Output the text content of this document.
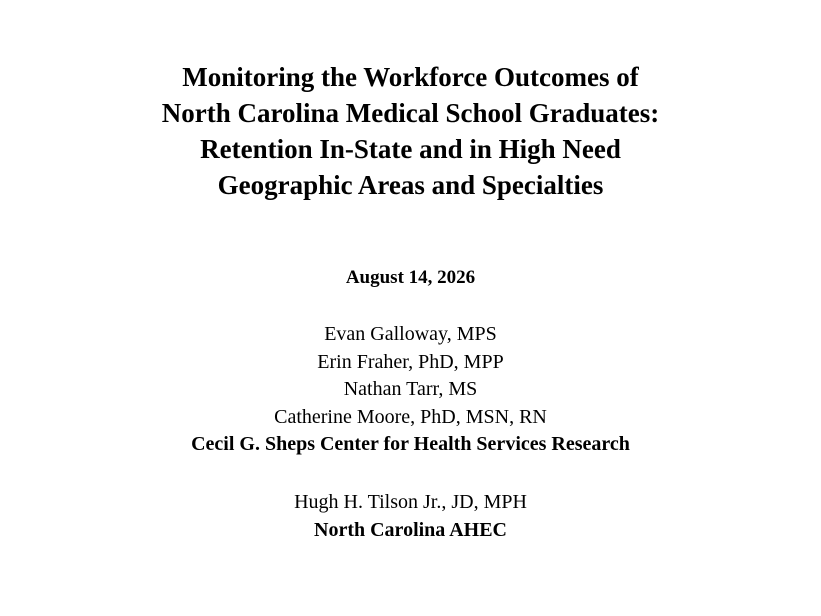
Monitoring the Workforce Outcomes of
North Carolina Medical School Graduates:
Retention In-State and in High Need
Geographic Areas and Specialties
August 14, 2026
Evan Galloway, MPS
Erin Fraher, PhD, MPP
Nathan Tarr, MS
Catherine Moore, PhD, MSN, RN
Cecil G. Sheps Center for Health Services Research
Hugh H. Tilson Jr., JD, MPH
North Carolina AHEC
